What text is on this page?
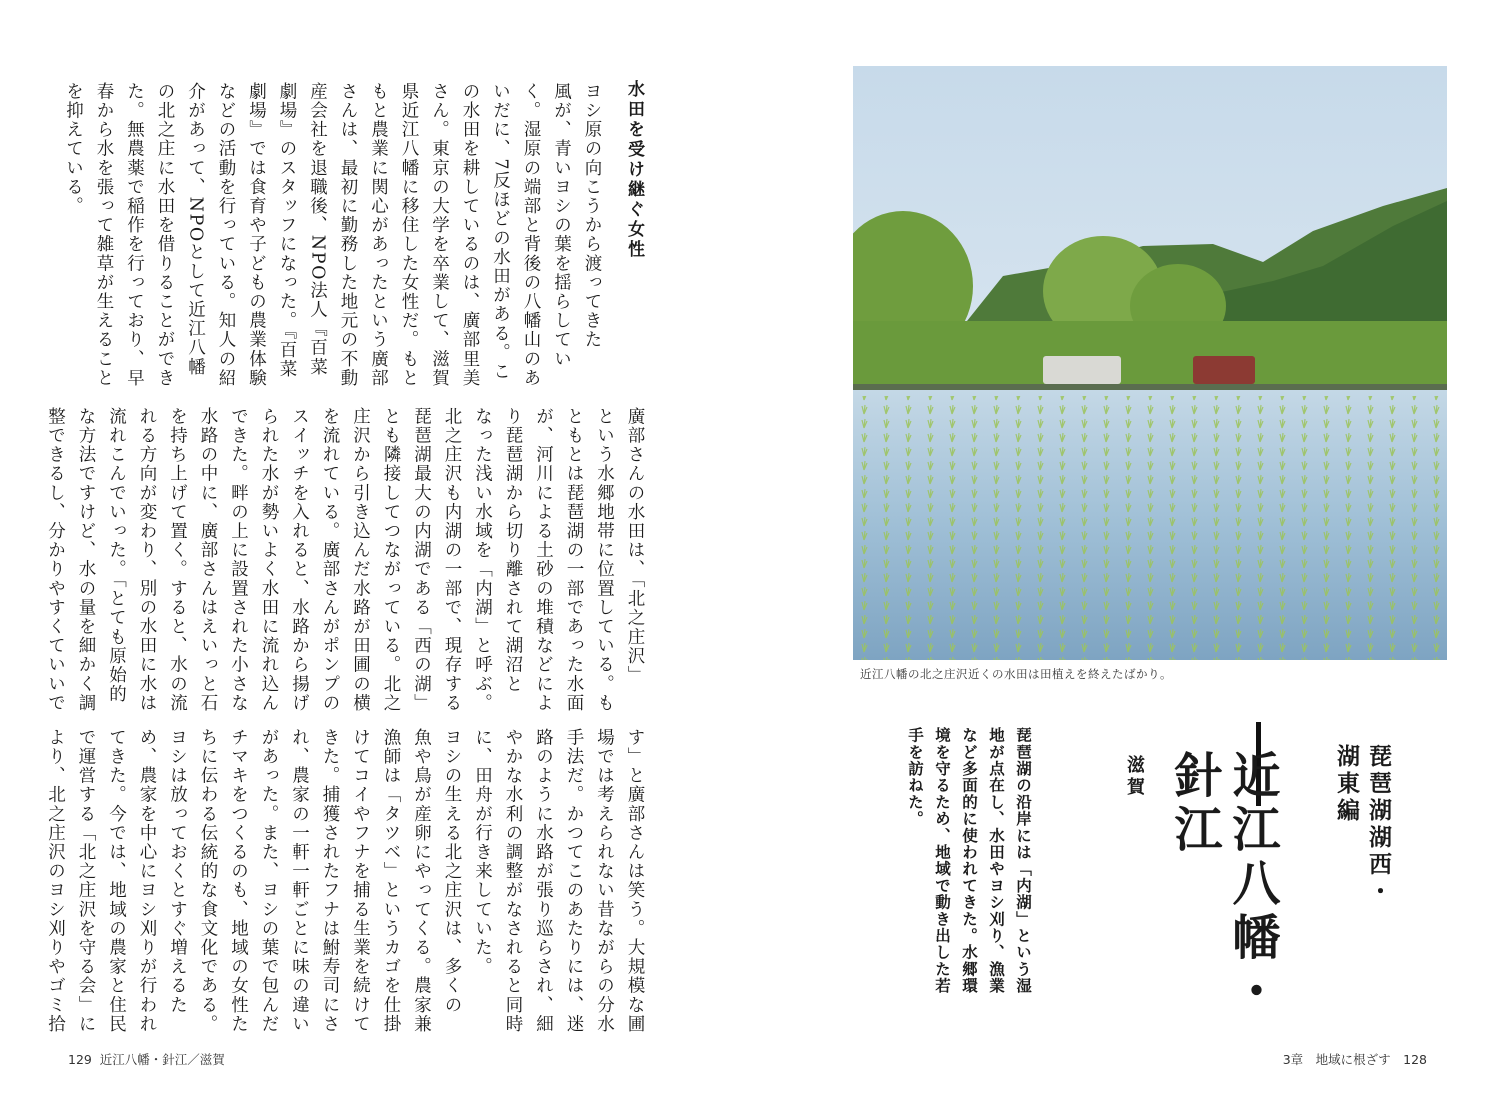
水田を受け継ぐ女性
ヨシ原の向こうから渡ってきた
風が、青いヨシの葉を揺らしてい
く。湿原の端部と背後の八幡山のあ
いだに、7反ほどの水田がある。こ
の水田を耕しているのは、廣部里美
さん。東京の大学を卒業して、滋賀
県近江八幡に移住した女性だ。もと
もと農業に関心があったという廣部
さんは、最初に勤務した地元の不動
産会社を退職後、NPO法人『百菜
劇場』のスタッフになった。『百菜
劇場』では食育や子どもの農業体験
などの活動を行っている。知人の紹
介があって、NPOとして近江八幡
の北之庄に水田を借りることができ
た。無農薬で稲作を行っており、早
春から水を張って雑草が生えること
を抑えている。
廣部さんの水田は、「北之庄沢」
という水郷地帯に位置している。も
ともとは琵琶湖の一部であった水面
が、河川による土砂の堆積などによ
り琵琶湖から切り離されて湖沼と
なった浅い水域を「内湖」と呼ぶ。
北之庄沢も内湖の一部で、現存する
琵琶湖最大の内湖である「西の湖」
とも隣接してつながっている。北之
庄沢から引き込んだ水路が田圃の横
を流れている。廣部さんがポンプの
スイッチを入れると、水路から揚げ
られた水が勢いよく水田に流れ込ん
できた。畔の上に設置された小さな
水路の中に、廣部さんはえいっと石
を持ち上げて置く。すると、水の流
れる方向が変わり、別の水田に水は
流れこんでいった。「とても原始的
な方法ですけど、水の量を細かく調
整できるし、分かりやすくていいで
す」と廣部さんは笑う。大規模な圃
場では考えられない昔ながらの分水
手法だ。かつてこのあたりには、迷
路のように水路が張り巡らされ、細
やかな水利の調整がなされると同時
に、田舟が行き来していた。
ヨシの生える北之庄沢は、多くの
魚や鳥が産卵にやってくる。農家兼
漁師は「タツベ」というカゴを仕掛
けてコイやフナを捕る生業を続けて
きた。捕獲されたフナは鮒寿司にさ
れ、農家の一軒一軒ごとに味の違い
があった。また、ヨシの葉で包んだ
チマキをつくるのも、地域の女性た
ちに伝わる伝統的な食文化である。
ヨシは放っておくとすぐ増えるた
め、農家を中心にヨシ刈りが行われ
てきた。今では、地域の農家と住民
で運営する「北之庄沢を守る会」に
より、北之庄沢のヨシ刈りやゴミ拾
129  近江八幡・針江／滋賀
近江八幡の北之庄沢近くの水田は田植えを終えたばかり。
琵琶湖湖西・
湖東編
近江八幡・
針江
滋賀
琵琶湖の沿岸には「内湖」という湿
地が点在し、水田やヨシ刈り、漁業
など多面的に使われてきた。水郷環
境を守るため、地域で動き出した若
手を訪ねた。
3章　地域に根ざす　128
